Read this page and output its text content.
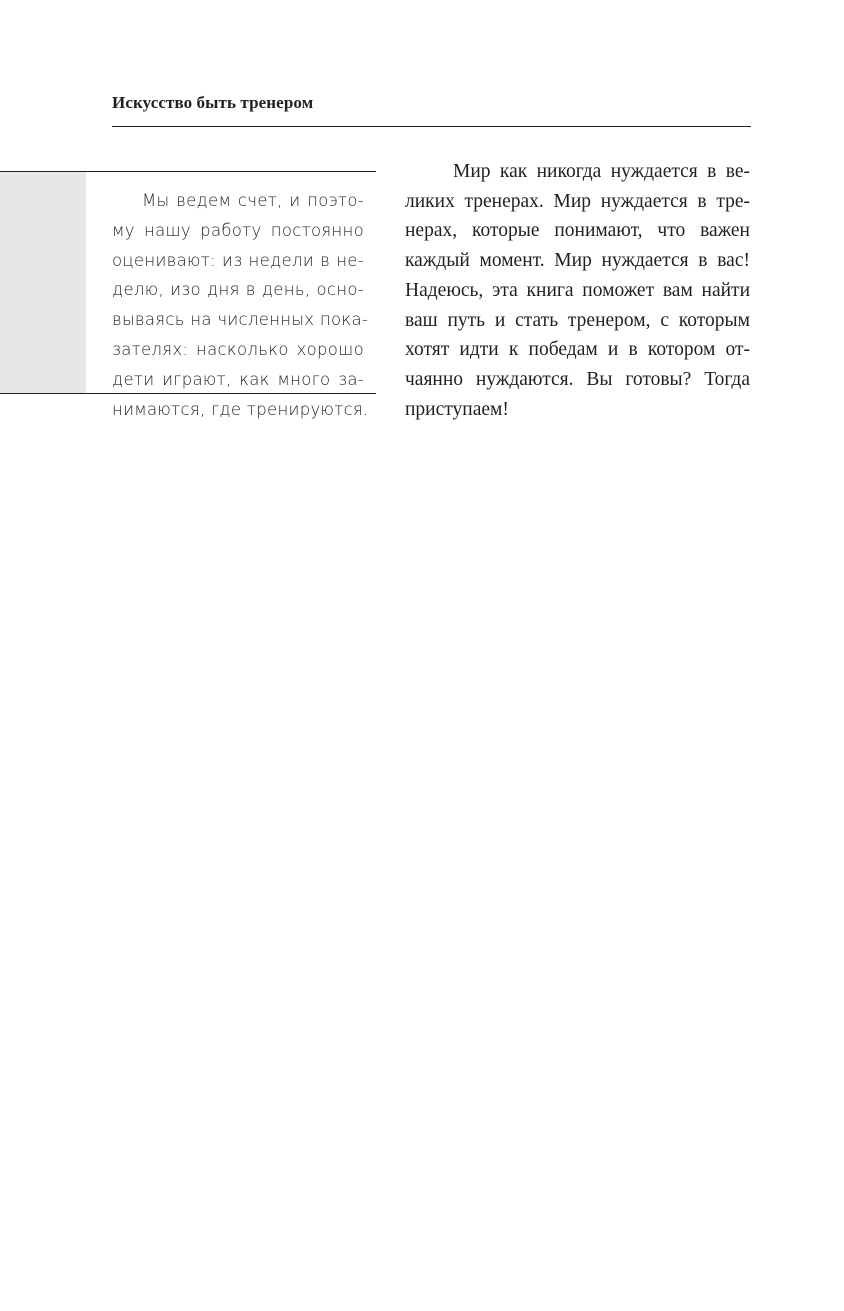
Искусство быть тренером
Мы ведем счет, и поэто-
му нашу работу постоянно
оценивают: из недели в не-
делю, изо дня в день, осно-
вываясь на численных пока-
зателях: насколько хорошо
дети играют, как много за-
нимаются, где тренируются.
Мир как никогда нуждается в ве-
ликих тренерах. Мир нуждается в тре-
нерах, которые понимают, что важен
каждый момент. Мир нуждается в вас!
Надеюсь, эта книга поможет вам найти
ваш путь и стать тренером, с которым
хотят идти к победам и в котором от-
чаянно нуждаются. Вы готовы? Тогда
приступаем!
